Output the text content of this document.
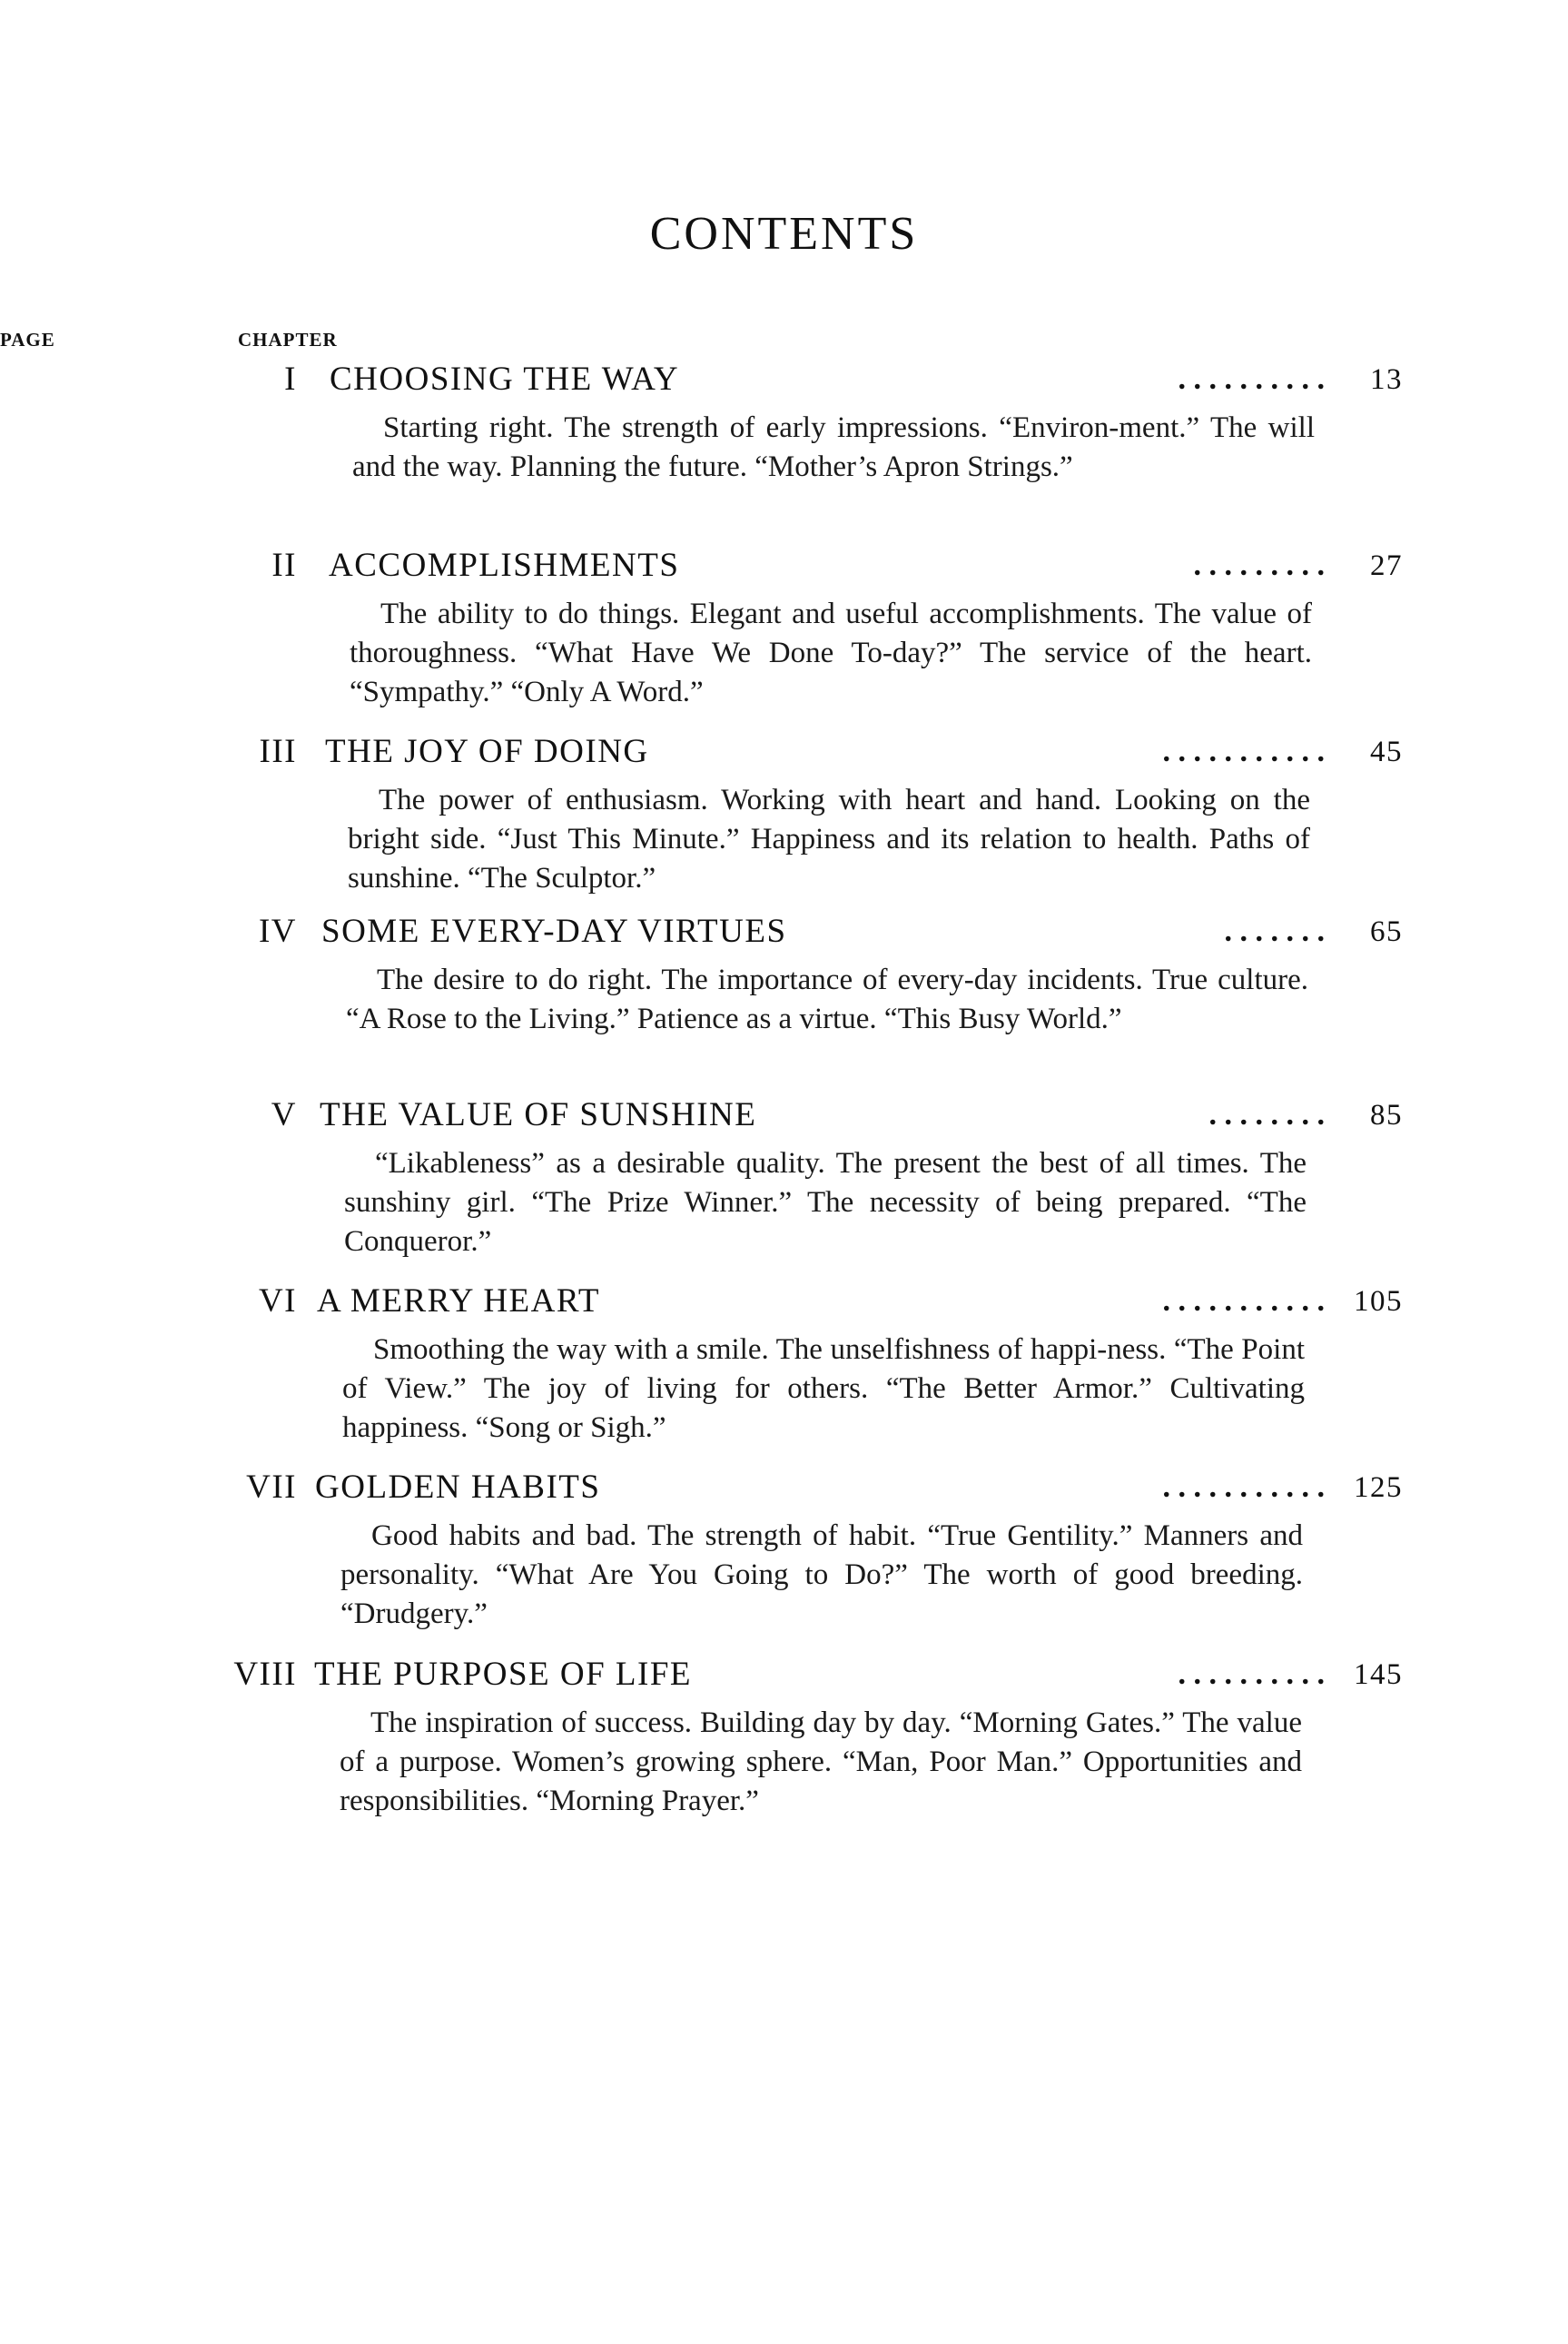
CONTENTS
CHAPTER
PAGE
I CHOOSING THE WAY	. . . . . . . . . . 13
Starting right. The strength of early impressions. “Environ-ment.” The will and the way. Planning the future. “Mother’s Apron Strings.”
II ACCOMPLISHMENTS	. . . . . . . . . 27
The ability to do things. Elegant and useful accomplishments. The value of thoroughness. “What Have We Done To-day?” The service of the heart. “Sympathy.” “Only A Word.”
III THE JOY OF DOING	. . . . . . . . . . . 45
The power of enthusiasm. Working with heart and hand. Looking on the bright side. “Just This Minute.” Happiness and its relation to health. Paths of sunshine. “The Sculptor.”
IV SOME EVERY-DAY VIRTUES	. . . . . . . 65
The desire to do right. The importance of every-day incidents. True culture. “A Rose to the Living.” Patience as a virtue. “This Busy World.”
V THE VALUE OF SUNSHINE	. . . . . . . . 85
“Likableness” as a desirable quality. The present the best of all times. The sunshiny girl. “The Prize Winner.” The necessity of being prepared. “The Conqueror.”
VI A MERRY HEART	. . . . . . . . . . . 105
Smoothing the way with a smile. The unselfishness of happi-ness. “The Point of View.” The joy of living for others. “The Better Armor.” Cultivating happiness. “Song or Sigh.”
VII GOLDEN HABITS	. . . . . . . . . . . 125
Good habits and bad. The strength of habit. “True Gentility.” Manners and personality. “What Are You Going to Do?” The worth of good breeding. “Drudgery.”
VIII THE PURPOSE OF LIFE	. . . . . . . . . . 145
The inspiration of success. Building day by day. “Morning Gates.” The value of a purpose. Women’s growing sphere. “Man, Poor Man.” Opportunities and responsibilities. “Morning Prayer.”
